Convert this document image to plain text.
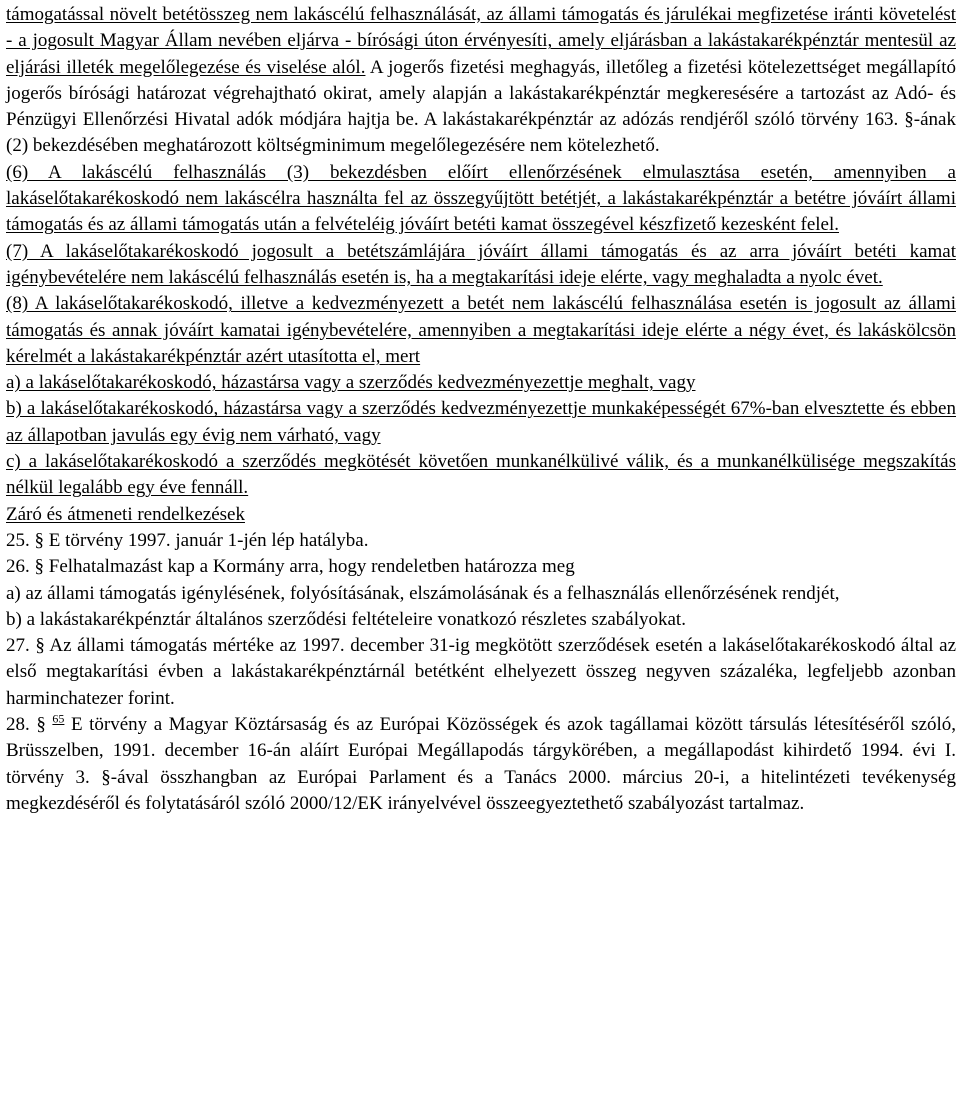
támogatással növelt betétösszeg nem lakáscélú felhasználását, az állami támogatás és járulékai megfizetése iránti követelést - a jogosult Magyar Állam nevében eljárva - bírósági úton érvényesíti, amely eljárásban a lakástakarékpénztár mentesül az eljárási illeték megelőlegezése és viselése alól. A jogerős fizetési meghagyás, illetőleg a fizetési kötelezettséget megállapító jogerős bírósági határozat végrehajtható okirat, amely alapján a lakástakarékpénztár megkeresésére a tartozást az Adó- és Pénzügyi Ellenőrzési Hivatal adók módjára hajtja be. A lakástakarékpénztár az adózás rendjéről szóló törvény 163. §-ának (2) bekezdésében meghatározott költségminimum megelőlegezésére nem kötelezhető.

(6) A lakáscélú felhasználás (3) bekezdésben előírt ellenőrzésének elmulasztása esetén, amennyiben a lakáselőtakarékoskodó nem lakáscélra használta fel az összegyűjtött betétjét, a lakástakarékpénztár a betétre jóváírt állami támogatás és az állami támogatás után a felvételéig jóváírt betéti kamat összegével készfizető kezesként felel.

(7) A lakáselőtakarékoskodó jogosult a betétszámlájára jóváírt állami támogatás és az arra jóváírt betéti kamat igénybevételére nem lakáscélú felhasználás esetén is, ha a megtakarítási ideje elérte, vagy meghaladta a nyolc évet.

(8) A lakáselőtakarékoskodó, illetve a kedvezményezett a betét nem lakáscélú felhasználása esetén is jogosult az állami támogatás és annak jóváírt kamatai igénybevételére, amennyiben a megtakarítási ideje elérte a négy évet, és lakáskölcsön kérelmét a lakástakarékpénztár azért utasította el, mert

a) a lakáselőtakarékoskodó, házastársa vagy a szerződés kedvezményezettje meghalt, vagy

b) a lakáselőtakarékoskodó, házastársa vagy a szerződés kedvezményezettje munkaképességét 67%-ban elvesztette és ebben az állapotban javulás egy évig nem várható, vagy

c) a lakáselőtakarékoskodó a szerződés megkötését követően munkanélkülivé válik, és a munkanélkülisége megszakítás nélkül legalább egy éve fennáll.

Záró és átmeneti rendelkezések

25. § E törvény 1997. január 1-jén lép hatályba.

26. § Felhatalmazást kap a Kormány arra, hogy rendeletben határozza meg

a) az állami támogatás igénylésének, folyósításának, elszámolásának és a felhasználás ellenőrzésének rendjét,

b) a lakástakarékpénztár általános szerződési feltételeire vonatkozó részletes szabályokat.

27. § Az állami támogatás mértéke az 1997. december 31-ig megkötött szerződések esetén a lakáselőtakarékoskodó által az első megtakarítási évben a lakástakarékpénztárnál betétként elhelyezett összeg negyven százaléka, legfeljebb azonban harminchatezer forint.

28. § $^{65}$ E törvény a Magyar Köztársaság és az Európai Közösségek és azok tagállamai között társulás létesítéséről szóló, Brüsszelben, 1991. december 16-án aláírt Európai Megállapodás tárgykörében, a megállapodást kihirdető 1994. évi I. törvény 3. §-ával összhangban az Európai Parlament és a Tanács 2000. március 20-i, a hitelintézeti tevékenység megkezdéséről és folytatásáról szóló 2000/12/EK irányelvével összeegyeztethető szabályozást tartalmaz.
